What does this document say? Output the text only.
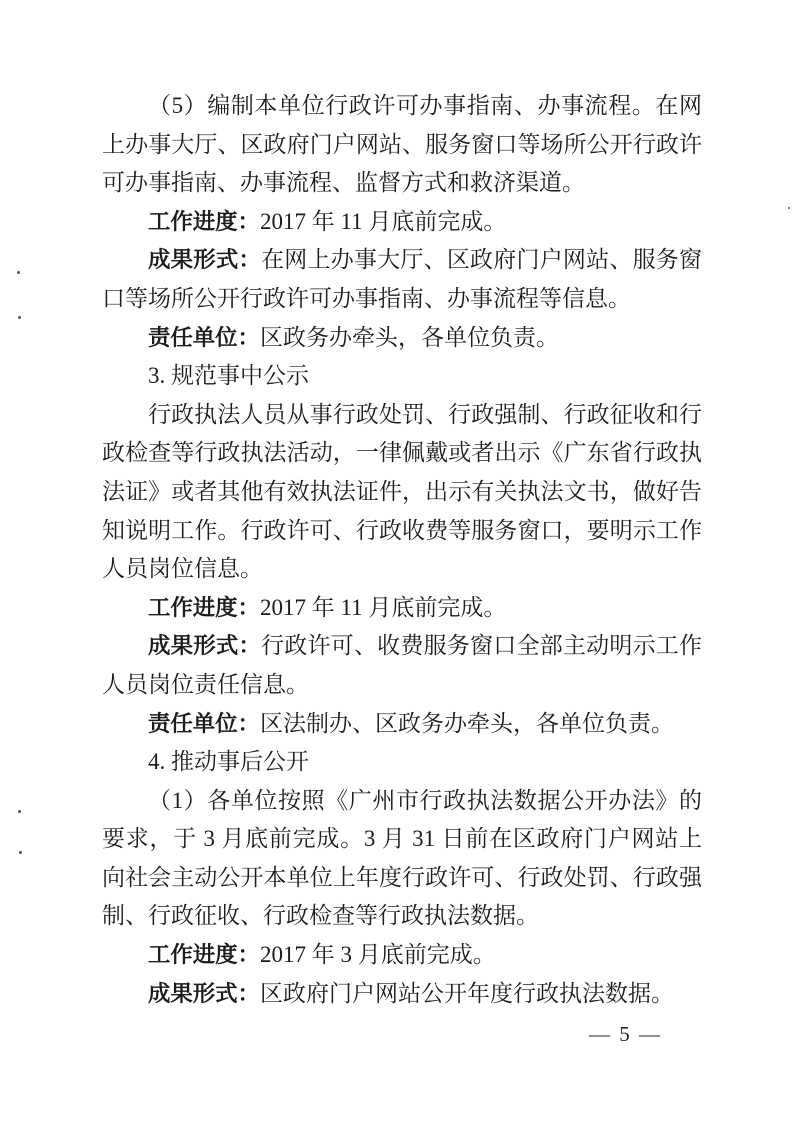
（5）编制本单位行政许可办事指南、办事流程。在网上办事大厅、区政府门户网站、服务窗口等场所公开行政许可办事指南、办事流程、监督方式和救济渠道。

工作进度：2017 年 11 月底前完成。

成果形式：在网上办事大厅、区政府门户网站、服务窗口等场所公开行政许可办事指南、办事流程等信息。

责任单位：区政务办牵头，各单位负责。

3. 规范事中公示

行政执法人员从事行政处罚、行政强制、行政征收和行政检查等行政执法活动，一律佩戴或者出示《广东省行政执法证》或者其他有效执法证件，出示有关执法文书，做好告知说明工作。行政许可、行政收费等服务窗口，要明示工作人员岗位信息。

工作进度：2017 年 11 月底前完成。

成果形式：行政许可、收费服务窗口全部主动明示工作人员岗位责任信息。

责任单位：区法制办、区政务办牵头，各单位负责。

4. 推动事后公开

（1）各单位按照《广州市行政执法数据公开办法》的要求，于 3 月底前完成。3 月 31 日前在区政府门户网站上向社会主动公开本单位上年度行政许可、行政处罚、行政强制、行政征收、行政检查等行政执法数据。

工作进度：2017 年 3 月底前完成。

成果形式：区政府门户网站公开年度行政执法数据。

— 5 —
